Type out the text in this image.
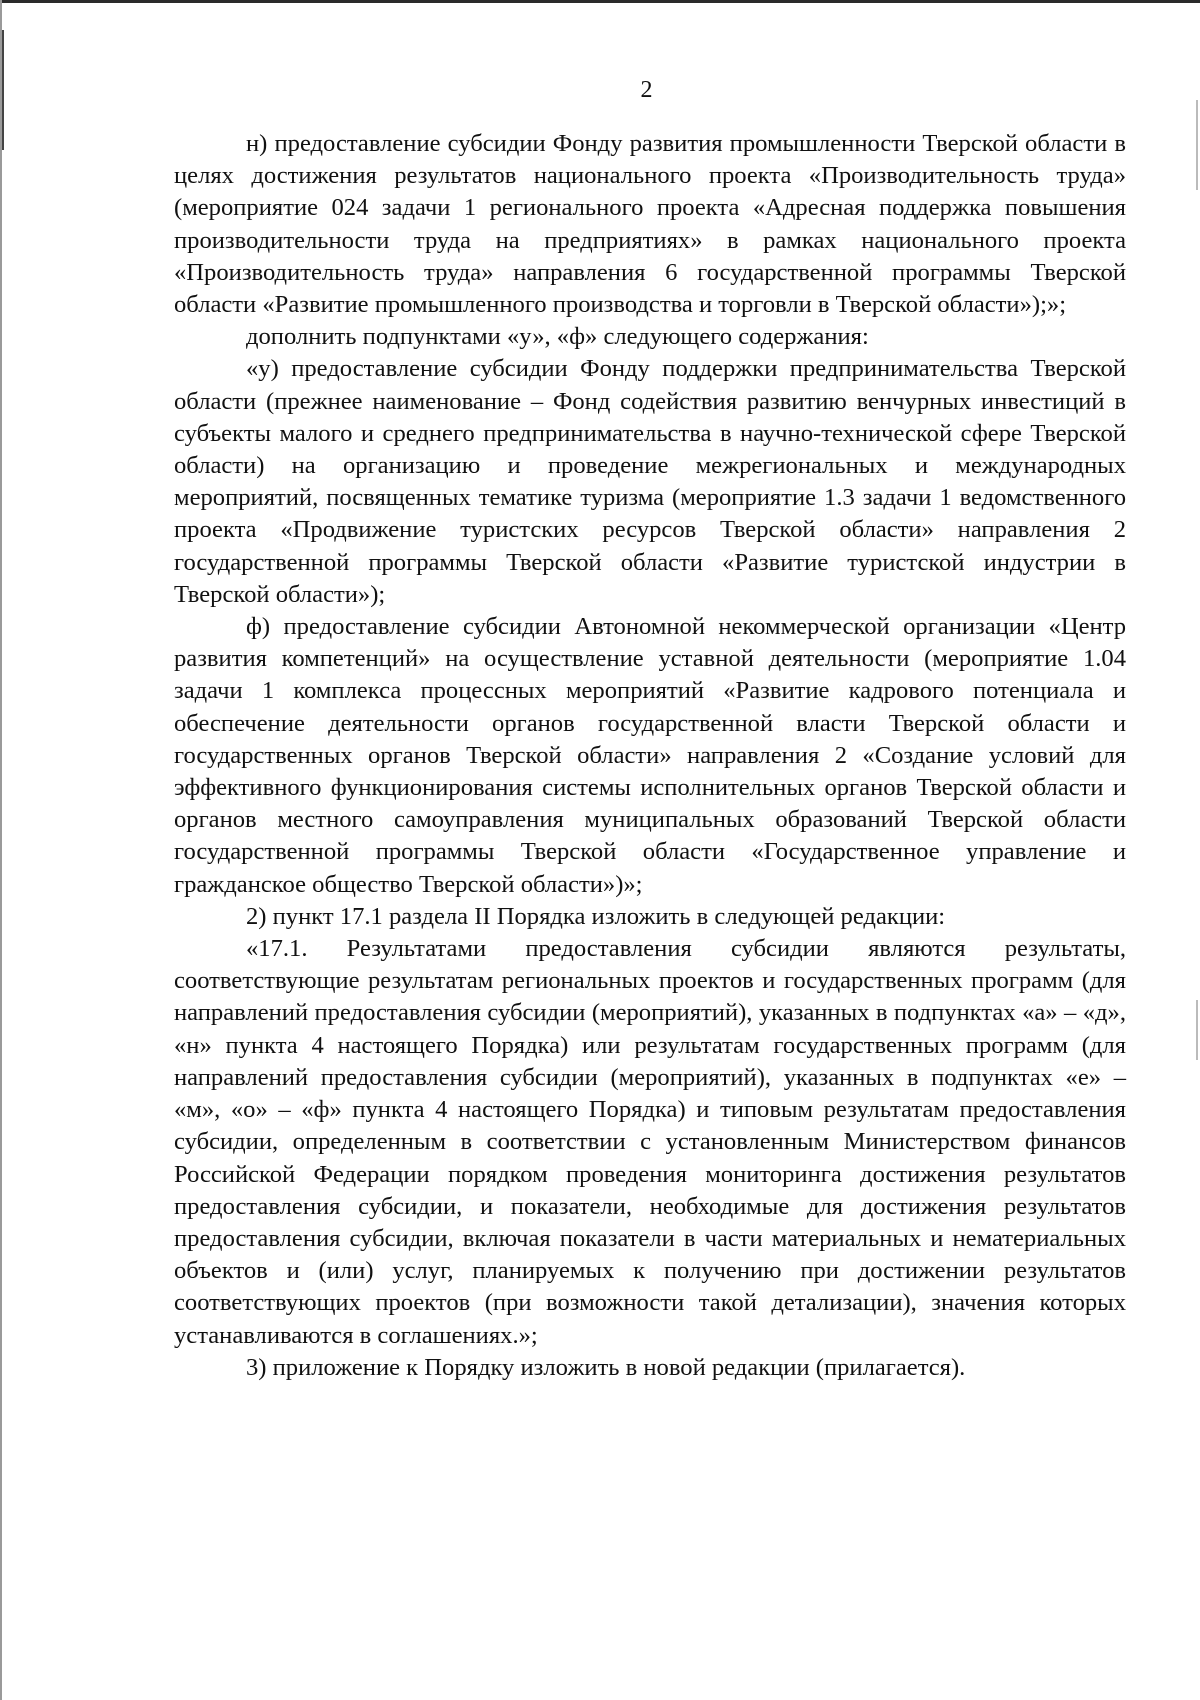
2

н) предоставление субсидии Фонду развития промышленности Тверской области в целях достижения результатов национального проекта «Производительность труда» (мероприятие 024 задачи 1 регионального проекта «Адресная поддержка повышения производительности труда на предприятиях» в рамках национального проекта «Производительность труда» направления 6 государственной программы Тверской области «Развитие промышленного производства и торговли в Тверской области»);»;

дополнить подпунктами «у», «ф» следующего содержания:

«у) предоставление субсидии Фонду поддержки предпринимательства Тверской области (прежнее наименование – Фонд содействия развитию венчурных инвестиций в субъекты малого и среднего предпринимательства в научно-технической сфере Тверской области) на организацию и проведение межрегиональных и международных мероприятий, посвященных тематике туризма (мероприятие 1.3 задачи 1 ведомственного проекта «Продвижение туристских ресурсов Тверской области» направления 2 государственной программы Тверской области «Развитие туристской индустрии в Тверской области»);

ф) предоставление субсидии Автономной некоммерческой организации «Центр развития компетенций» на осуществление уставной деятельности (мероприятие 1.04 задачи 1 комплекса процессных мероприятий «Развитие кадрового потенциала и обеспечение деятельности органов государственной власти Тверской области и государственных органов Тверской области» направления 2 «Создание условий для эффективного функционирования системы исполнительных органов Тверской области и органов местного самоуправления муниципальных образований Тверской области государственной программы Тверской области «Государственное управление и гражданское общество Тверской области»)»;

2) пункт 17.1 раздела II Порядка изложить в следующей редакции:

«17.1. Результатами предоставления субсидии являются результаты, соответствующие результатам региональных проектов и государственных программ (для направлений предоставления субсидии (мероприятий), указанных в подпунктах «а» – «д», «н» пункта 4 настоящего Порядка) или результатам государственных программ (для направлений предоставления субсидии (мероприятий), указанных в подпунктах «е» – «м», «о» – «ф» пункта 4 настоящего Порядка) и типовым результатам предоставления субсидии, определенным в соответствии с установленным Министерством финансов Российской Федерации порядком проведения мониторинга достижения результатов предоставления субсидии, и показатели, необходимые для достижения результатов предоставления субсидии, включая показатели в части материальных и нематериальных объектов и (или) услуг, планируемых к получению при достижении результатов соответствующих проектов (при возможности такой детализации), значения которых устанавливаются в соглашениях.»;

3) приложение к Порядку изложить в новой редакции (прилагается).
